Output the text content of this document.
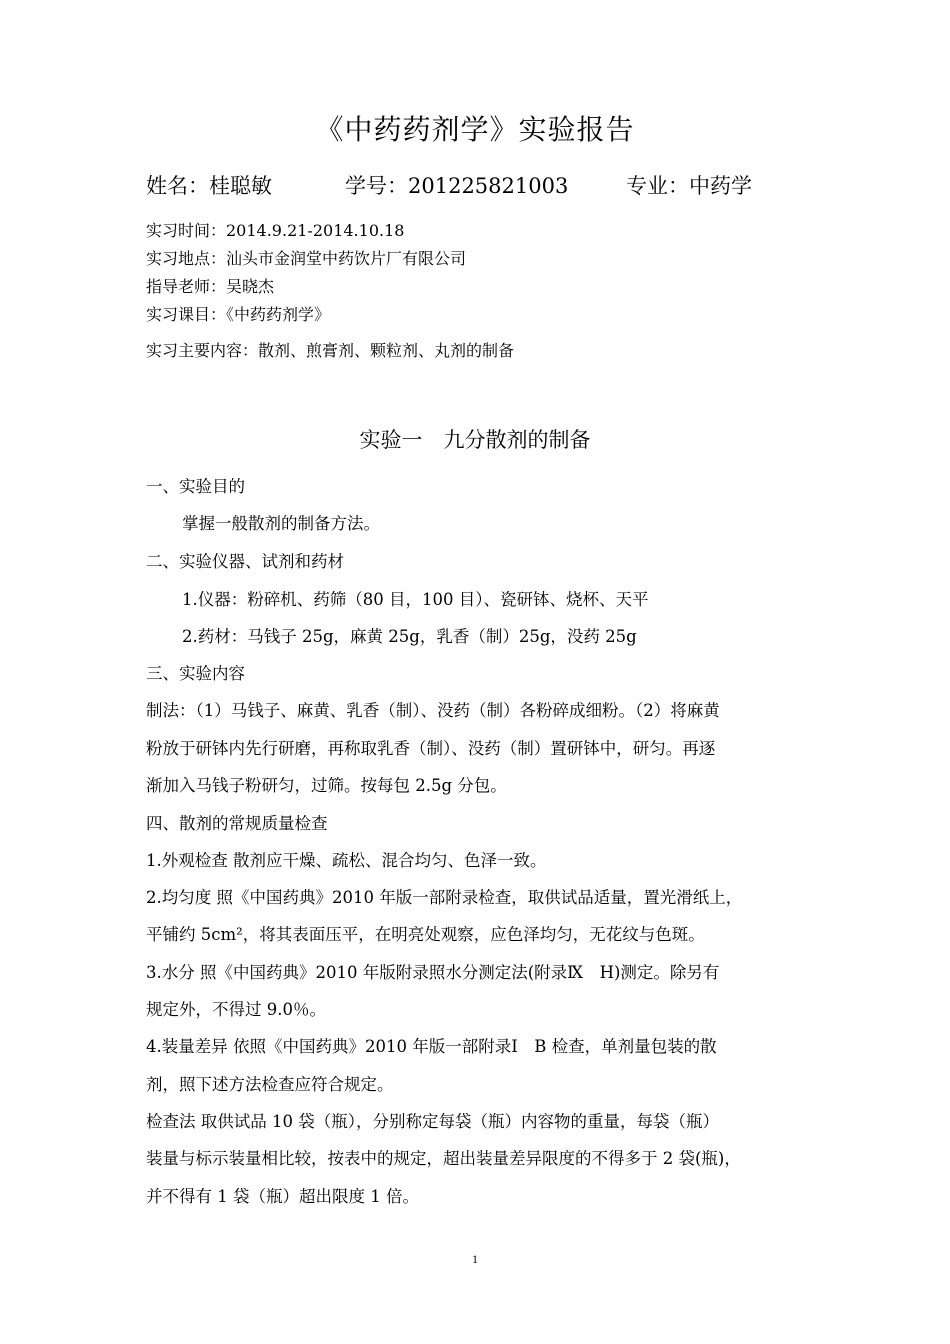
《中药药剂学》实验报告
姓名：桂聪敏	学号：201225821003	专业：中药学
实习时间：2014.9.21-2014.10.18
实习地点：汕头市金润堂中药饮片厂有限公司
指导老师：吴晓杰
实习课目：《中药药剂学》
实习主要内容：散剂、煎膏剂、颗粒剂、丸剂的制备
实验一　九分散剂的制备
一、实验目的
掌握一般散剂的制备方法。
二、实验仪器、试剂和药材
1.仪器：粉碎机、药筛（80 目，100 目）、瓷研钵、烧杯、天平
2.药材：马钱子 25g，麻黄 25g，乳香（制）25g，没药 25g
三、实验内容
制法：（1）马钱子、麻黄、乳香（制）、没药（制）各粉碎成细粉。（2）将麻黄
粉放于研钵内先行研磨，再称取乳香（制）、没药（制）置研钵中，研匀。再逐
渐加入马钱子粉研匀，过筛。按每包 2.5g 分包。
四、散剂的常规质量检查
1.外观检查 散剂应干燥、疏松、混合均匀、色泽一致。
2.均匀度 照《中国药典》2010 年版一部附录检查，取供试品适量，置光滑纸上，
平铺约 5cm²，将其表面压平，在明亮处观察，应色泽均匀，无花纹与色斑。
3.水分 照《中国药典》2010 年版附录照水分测定法(附录Ⅸ　H)测定。除另有
规定外，不得过 9.0％。
4.装量差异 依照《中国药典》2010 年版一部附录Ⅰ　B 检查，单剂量包装的散
剂，照下述方法检查应符合规定。
检查法 取供试品 10 袋（瓶），分别称定每袋（瓶）内容物的重量，每袋（瓶）
装量与标示装量相比较，按表中的规定，超出装量差异限度的不得多于 2 袋(瓶)，
并不得有 1 袋（瓶）超出限度 1 倍。
1
